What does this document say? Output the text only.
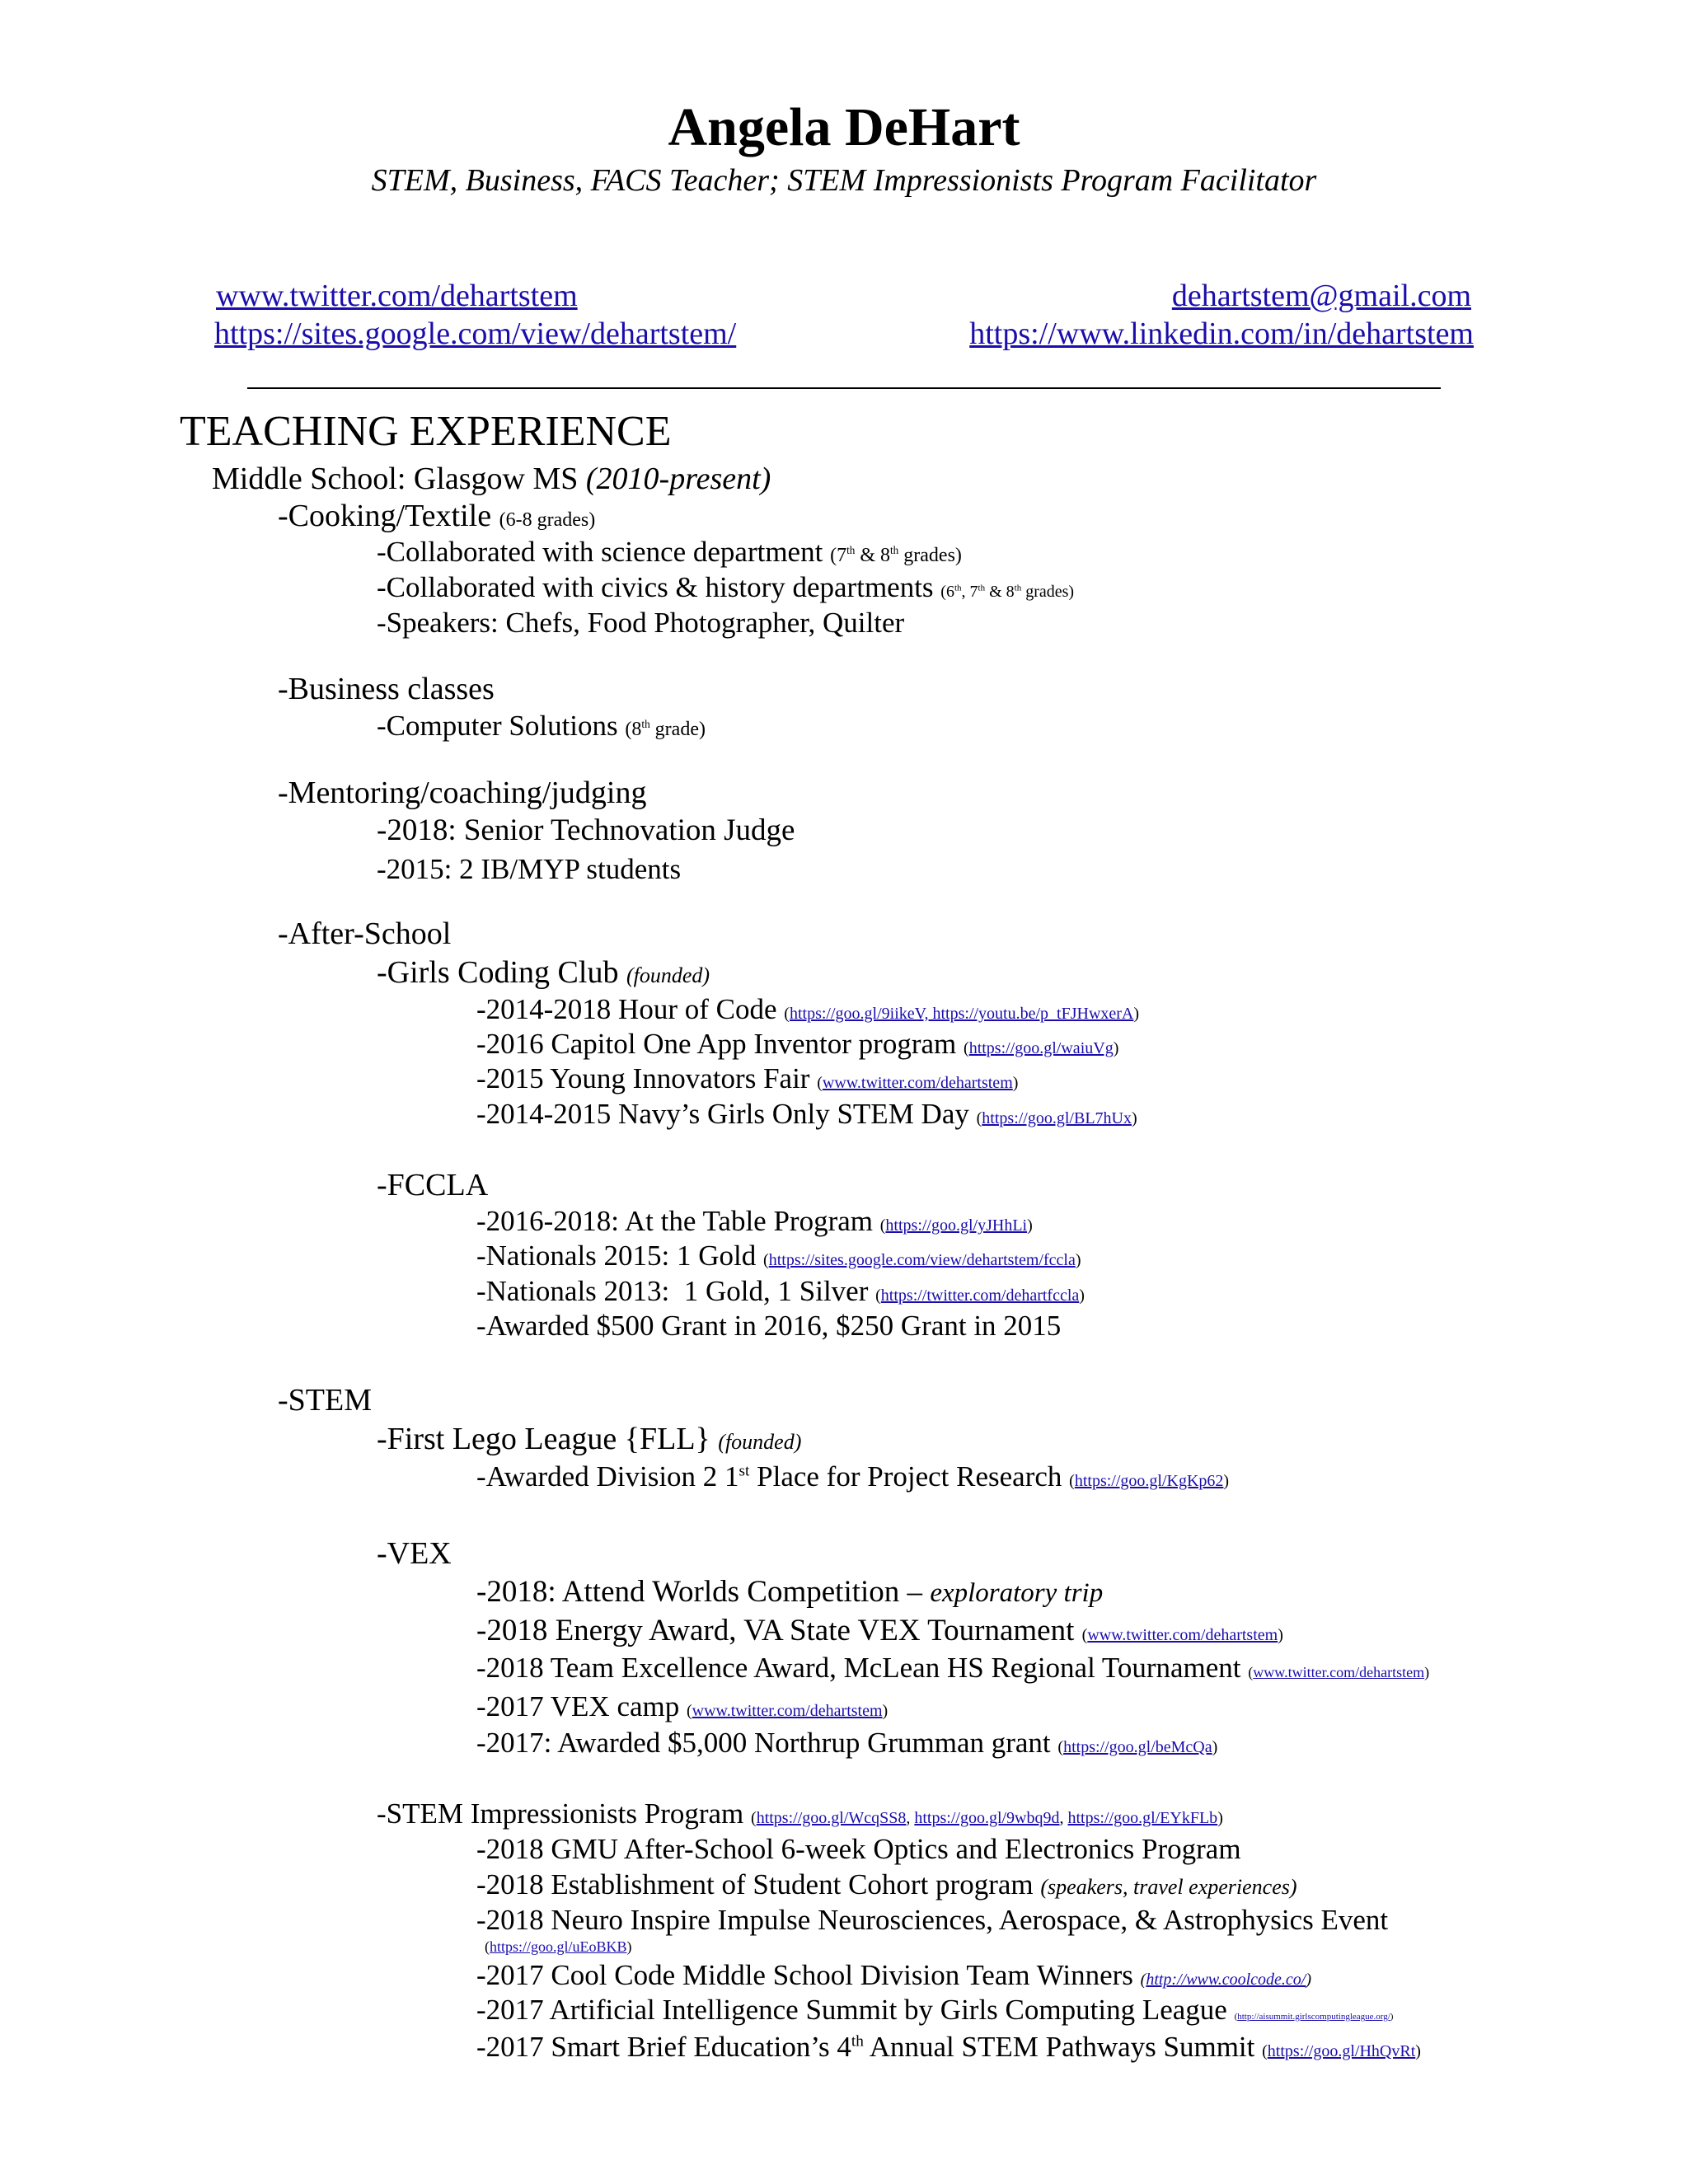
Angela DeHart
STEM, Business, FACS Teacher; STEM Impressionists Program Facilitator
www.twitter.com/dehartstem	dehartstem@gmail.com
https://sites.google.com/view/dehartstem/	https://www.linkedin.com/in/dehartstem
TEACHING EXPERIENCE
Middle School: Glasgow MS (2010-present)
-Cooking/Textile (6-8 grades)
-Collaborated with science department (7th & 8th grades)
-Collaborated with civics & history departments (6th, 7th & 8th grades)
-Speakers: Chefs, Food Photographer, Quilter
-Business classes
-Computer Solutions (8th grade)
-Mentoring/coaching/judging
-2018: Senior Technovation Judge
-2015: 2 IB/MYP students
-After-School
-Girls Coding Club (founded)
-2014-2018 Hour of Code (https://goo.gl/9iikeV, https://youtu.be/p_tFJHwxerA)
-2016 Capitol One App Inventor program (https://goo.gl/waiuVg)
-2015 Young Innovators Fair (www.twitter.com/dehartstem)
-2014-2015 Navy’s Girls Only STEM Day (https://goo.gl/BL7hUx)
-FCCLA
-2016-2018: At the Table Program (https://goo.gl/yJHhLi)
-Nationals 2015: 1 Gold (https://sites.google.com/view/dehartstem/fccla)
-Nationals 2013:  1 Gold, 1 Silver (https://twitter.com/dehartfccla)
-Awarded $500 Grant in 2016, $250 Grant in 2015
-STEM
-First Lego League {FLL} (founded)
-Awarded Division 2 1st Place for Project Research (https://goo.gl/KgKp62)
-VEX
-2018: Attend Worlds Competition – exploratory trip
-2018 Energy Award, VA State VEX Tournament (www.twitter.com/dehartstem)
-2018 Team Excellence Award, McLean HS Regional Tournament (www.twitter.com/dehartstem)
-2017 VEX camp (www.twitter.com/dehartstem)
-2017: Awarded $5,000 Northrup Grumman grant (https://goo.gl/beMcQa)
-STEM Impressionists Program (https://goo.gl/WcqSS8, https://goo.gl/9wbq9d, https://goo.gl/EYkFLb)
-2018 GMU After-School 6-week Optics and Electronics Program
-2018 Establishment of Student Cohort program (speakers, travel experiences)
-2018 Neuro Inspire Impulse Neurosciences, Aerospace, & Astrophysics Event
(https://goo.gl/uEoBKB)
-2017 Cool Code Middle School Division Team Winners (http://www.coolcode.co/)
-2017 Artificial Intelligence Summit by Girls Computing League (http://aisummit.girlscomputingleague.org/)
-2017 Smart Brief Education’s 4th Annual STEM Pathways Summit (https://goo.gl/HhQvRt)
